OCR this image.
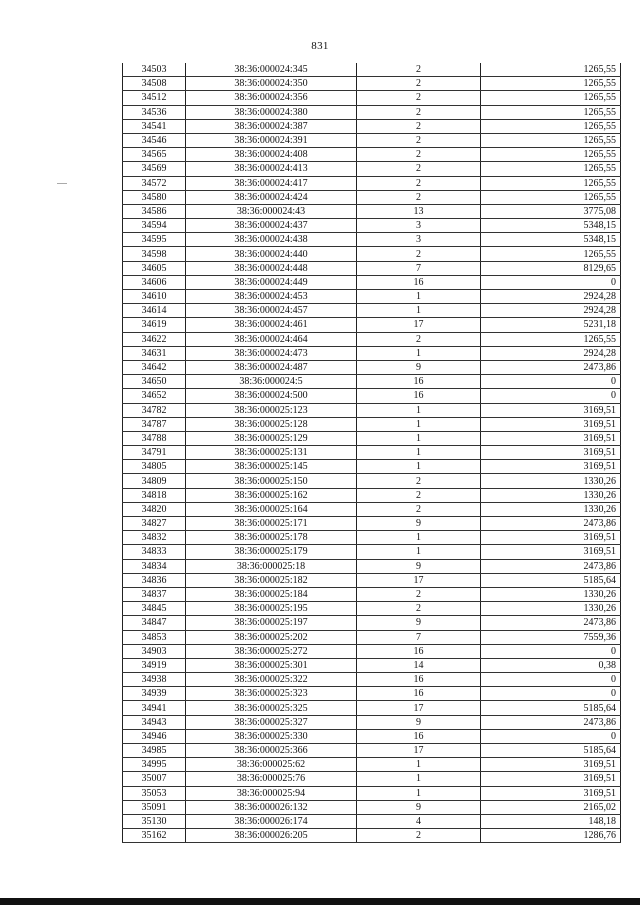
831
34503	38:36:000024:345	2	1265,55
34508	38:36:000024:350	2	1265,55
34512	38:36:000024:356	2	1265,55
34536	38:36:000024:380	2	1265,55
34541	38:36:000024:387	2	1265,55
34546	38:36:000024:391	2	1265,55
34565	38:36:000024:408	2	1265,55
34569	38:36:000024:413	2	1265,55
34572	38:36:000024:417	2	1265,55
34580	38:36:000024:424	2	1265,55
34586	38:36:000024:43	13	3775,08
34594	38:36:000024:437	3	5348,15
34595	38:36:000024:438	3	5348,15
34598	38:36:000024:440	2	1265,55
34605	38:36:000024:448	7	8129,65
34606	38:36:000024:449	16	0
34610	38:36:000024:453	1	2924,28
34614	38:36:000024:457	1	2924,28
34619	38:36:000024:461	17	5231,18
34622	38:36:000024:464	2	1265,55
34631	38:36:000024:473	1	2924,28
34642	38:36:000024:487	9	2473,86
34650	38:36:000024:5	16	0
34652	38:36:000024:500	16	0
34782	38:36:000025:123	1	3169,51
34787	38:36:000025:128	1	3169,51
34788	38:36:000025:129	1	3169,51
34791	38:36:000025:131	1	3169,51
34805	38:36:000025:145	1	3169,51
34809	38:36:000025:150	2	1330,26
34818	38:36:000025:162	2	1330,26
34820	38:36:000025:164	2	1330,26
34827	38:36:000025:171	9	2473,86
34832	38:36:000025:178	1	3169,51
34833	38:36:000025:179	1	3169,51
34834	38:36:000025:18	9	2473,86
34836	38:36:000025:182	17	5185,64
34837	38:36:000025:184	2	1330,26
34845	38:36:000025:195	2	1330,26
34847	38:36:000025:197	9	2473,86
34853	38:36:000025:202	7	7559,36
34903	38:36:000025:272	16	0
34919	38:36:000025:301	14	0,38
34938	38:36:000025:322	16	0
34939	38:36:000025:323	16	0
34941	38:36:000025:325	17	5185,64
34943	38:36:000025:327	9	2473,86
34946	38:36:000025:330	16	0
34985	38:36:000025:366	17	5185,64
34995	38:36:000025:62	1	3169,51
35007	38:36:000025:76	1	3169,51
35053	38:36:000025:94	1	3169,51
35091	38:36:000026:132	9	2165,02
35130	38:36:000026:174	4	148,18
35162	38:36:000026:205	2	1286,76
